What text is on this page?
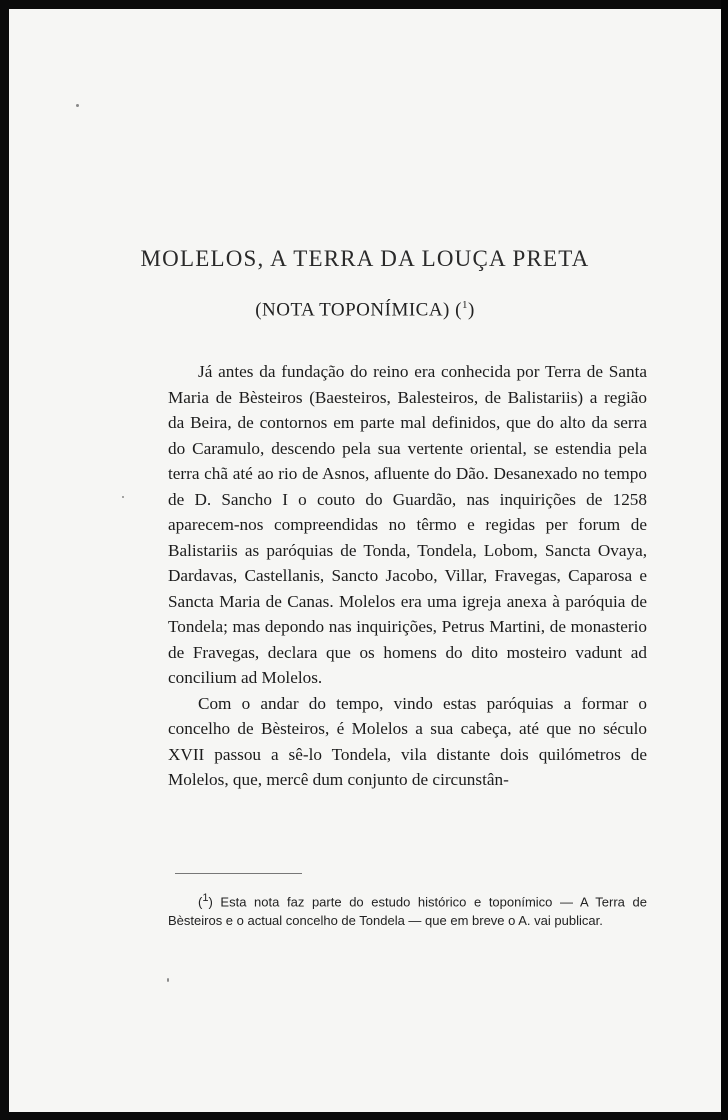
MOLELOS, A TERRA DA LOUÇA PRETA
(NOTA TOPONÍMICA) ($^1$)

Já antes da fundação do reino era conhecida por Terra de Santa Maria de Bèsteiros (Baesteiros, Balesteiros, de Balistariis) a região da Beira, de contornos em parte mal definidos, que do alto da serra do Caramulo, descendo pela sua vertente oriental, se estendia pela terra chã até ao rio de Asnos, afluente do Dão. Desanexado no tempo de D. Sancho I o couto do Guardão, nas inquirições de 1258 aparecem-nos compreendidas no têrmo e regidas per forum de Balistariis as paróquias de Tonda, Tondela, Lobom, Sancta Ovaya, Dardavas, Castellanis, Sancto Jacobo, Villar, Fravegas, Caparosa e Sancta Maria de Canas. Molelos era uma igreja anexa à paróquia de Tondela; mas depondo nas inquirições, Petrus Martini, de monasterio de Fravegas, declara que os homens do dito mosteiro vadunt ad concilium ad Molelos.

Com o andar do tempo, vindo estas paróquias a formar o concelho de Bèsteiros, é Molelos a sua cabeça, até que no século XVII passou a sê-lo Tondela, vila distante dois quilómetros de Molelos, que, mercê dum conjunto de circunstân-

($^1$) Esta nota faz parte do estudo histórico e toponímico — A Terra de Bèsteiros e o actual concelho de Tondela — que em breve o A. vai publicar.
